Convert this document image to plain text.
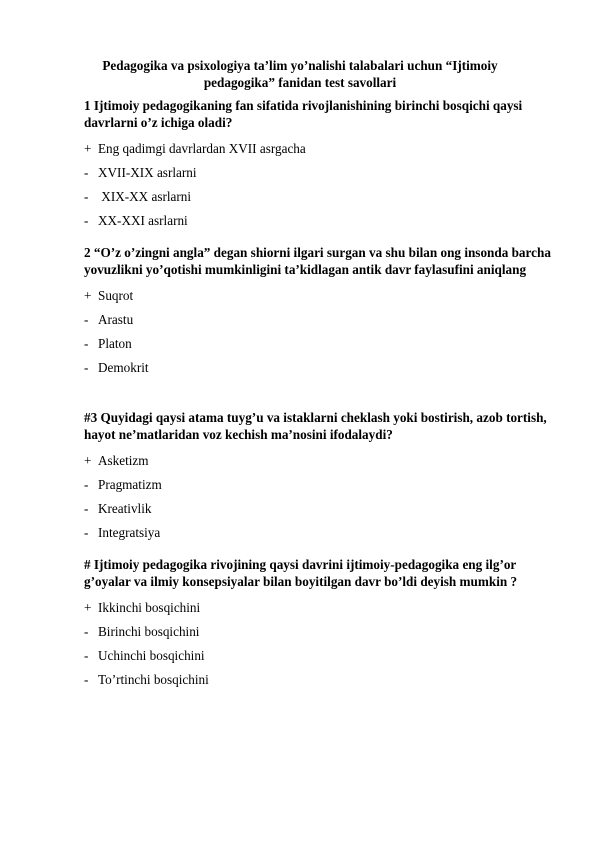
Pedagogika va psixologiya ta’lim yo’nalishi talabalari uchun “Ijtimoiy pedagogika” fanidan test savollari

1 Ijtimoiy pedagogikaning fan sifatida rivojlanishining birinchi bosqichi qaysi davrlarni o’z ichiga oladi?

+ Eng qadimgi davrlardan XVII asrgacha

- XVII-XIX asrlarni

- XIX-XX asrlarni

- XX-XXI asrlarni

2 “O’z o’zingni angla” degan shiorni ilgari surgan va shu bilan ong insonda barcha yovuzlikni yo’qotishi mumkinligini ta’kidlagan antik davr faylasufini aniqlang

+ Suqrot

- Arastu

- Platon

- Demokrit

#3 Quyidagi qaysi atama tuyg’u va istaklarni cheklash yoki bostirish, azob tortish, hayot ne’matlaridan voz kechish ma’nosini ifodalaydi?

+ Asketizm

- Pragmatizm

- Kreativlik

- Integratsiya

# Ijtimoiy pedagogika rivojining qaysi davrini ijtimoiy-pedagogika eng ilg’or g’oyalar va ilmiy konsepsiyalar bilan boyitilgan davr bo’ldi deyish mumkin ?

+ Ikkinchi bosqichini

- Birinchi bosqichini

- Uchinchi bosqichini

- To’rtinchi bosqichini
